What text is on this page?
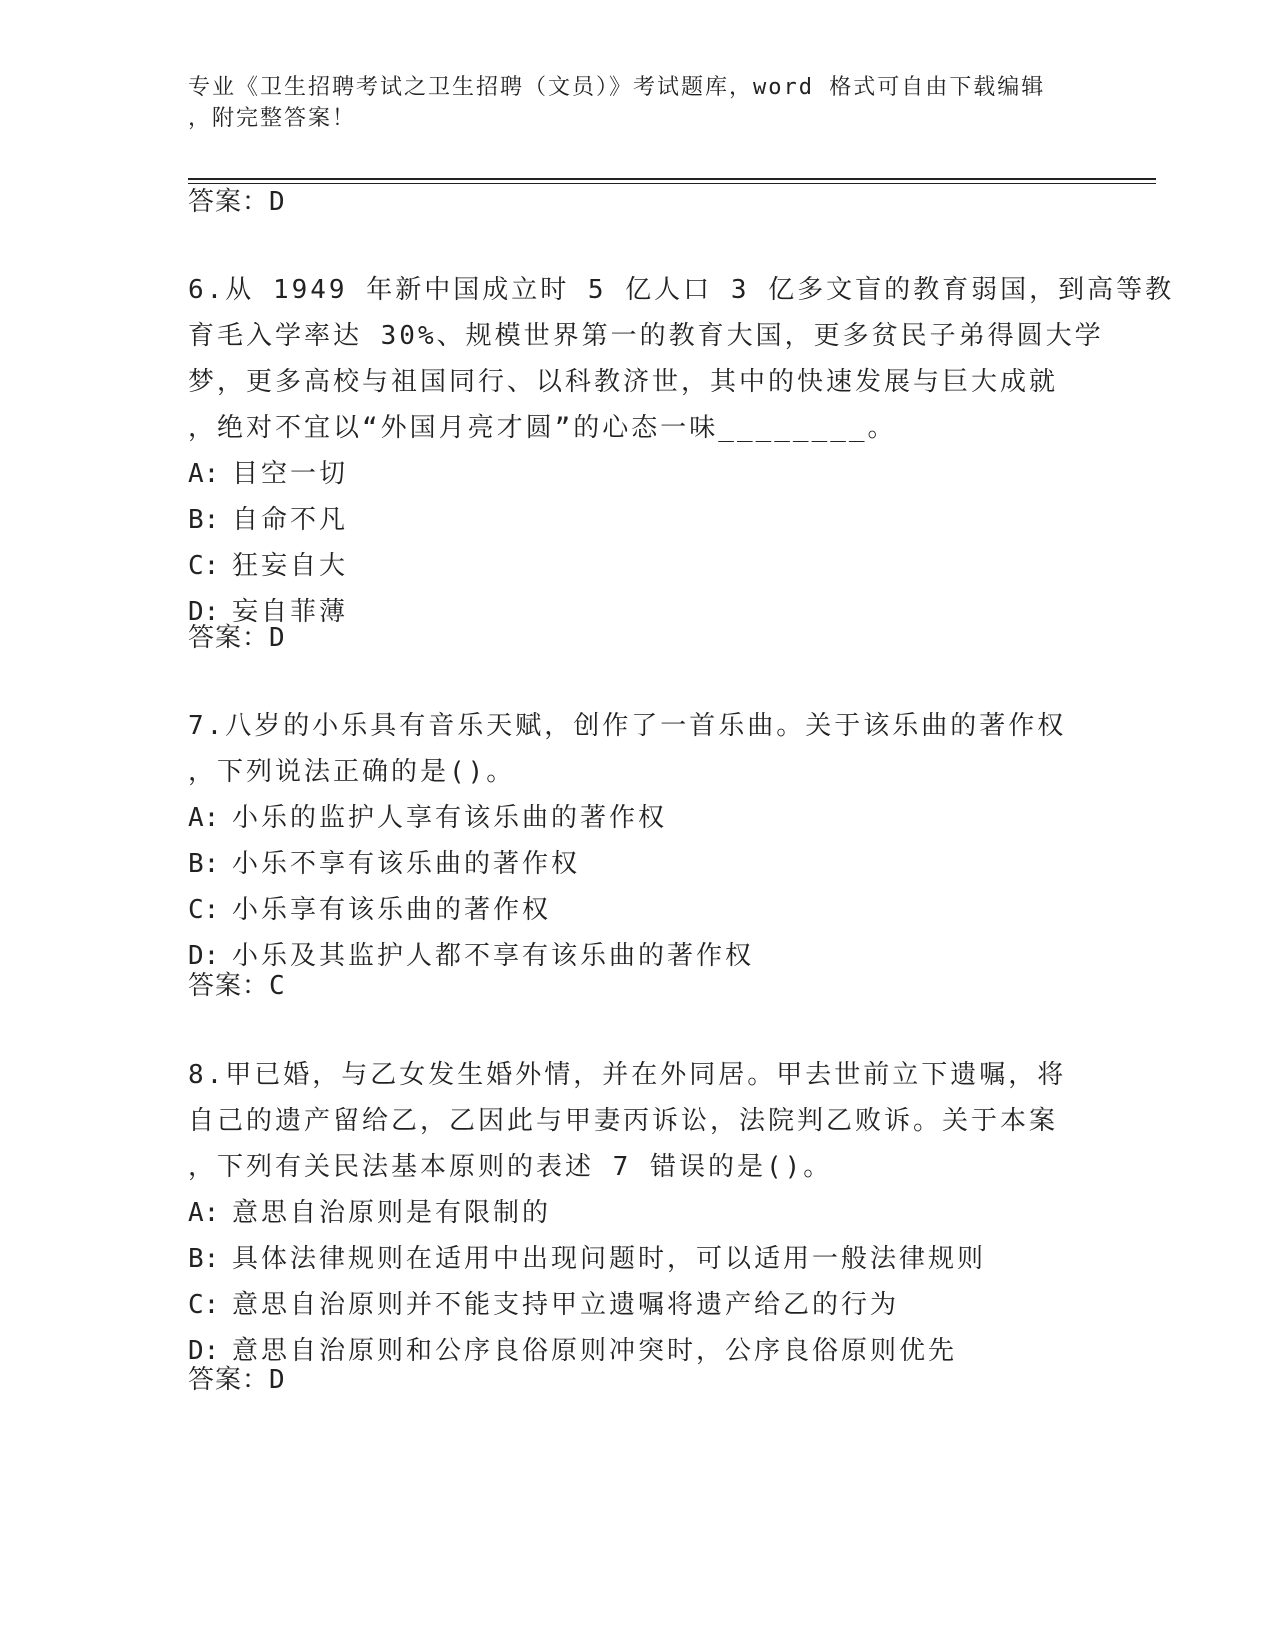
专业《卫生招聘考试之卫生招聘（文员）》考试题库，word 格式可自由下载编辑
，附完整答案！
答案：D
6.从 1949 年新中国成立时 5 亿人口 3 亿多文盲的教育弱国，到高等教
育毛入学率达 30%、规模世界第一的教育大国，更多贫民子弟得圆大学
梦，更多高校与祖国同行、以科教济世，其中的快速发展与巨大成就
，绝对不宜以“外国月亮才圆”的心态一味________。
A: 目空一切
B: 自命不凡
C: 狂妄自大
D: 妄自菲薄
答案：D
7.八岁的小乐具有音乐天赋，创作了一首乐曲。关于该乐曲的著作权
，下列说法正确的是()。
A: 小乐的监护人享有该乐曲的著作权
B: 小乐不享有该乐曲的著作权
C: 小乐享有该乐曲的著作权
D: 小乐及其监护人都不享有该乐曲的著作权
答案：C
8.甲已婚，与乙女发生婚外情，并在外同居。甲去世前立下遗嘱，将
自己的遗产留给乙，乙因此与甲妻丙诉讼，法院判乙败诉。关于本案
，下列有关民法基本原则的表述 7 错误的是()。
A: 意思自治原则是有限制的
B: 具体法律规则在适用中出现问题时，可以适用一般法律规则
C: 意思自治原则并不能支持甲立遗嘱将遗产给乙的行为
D: 意思自治原则和公序良俗原则冲突时，公序良俗原则优先
答案：D
